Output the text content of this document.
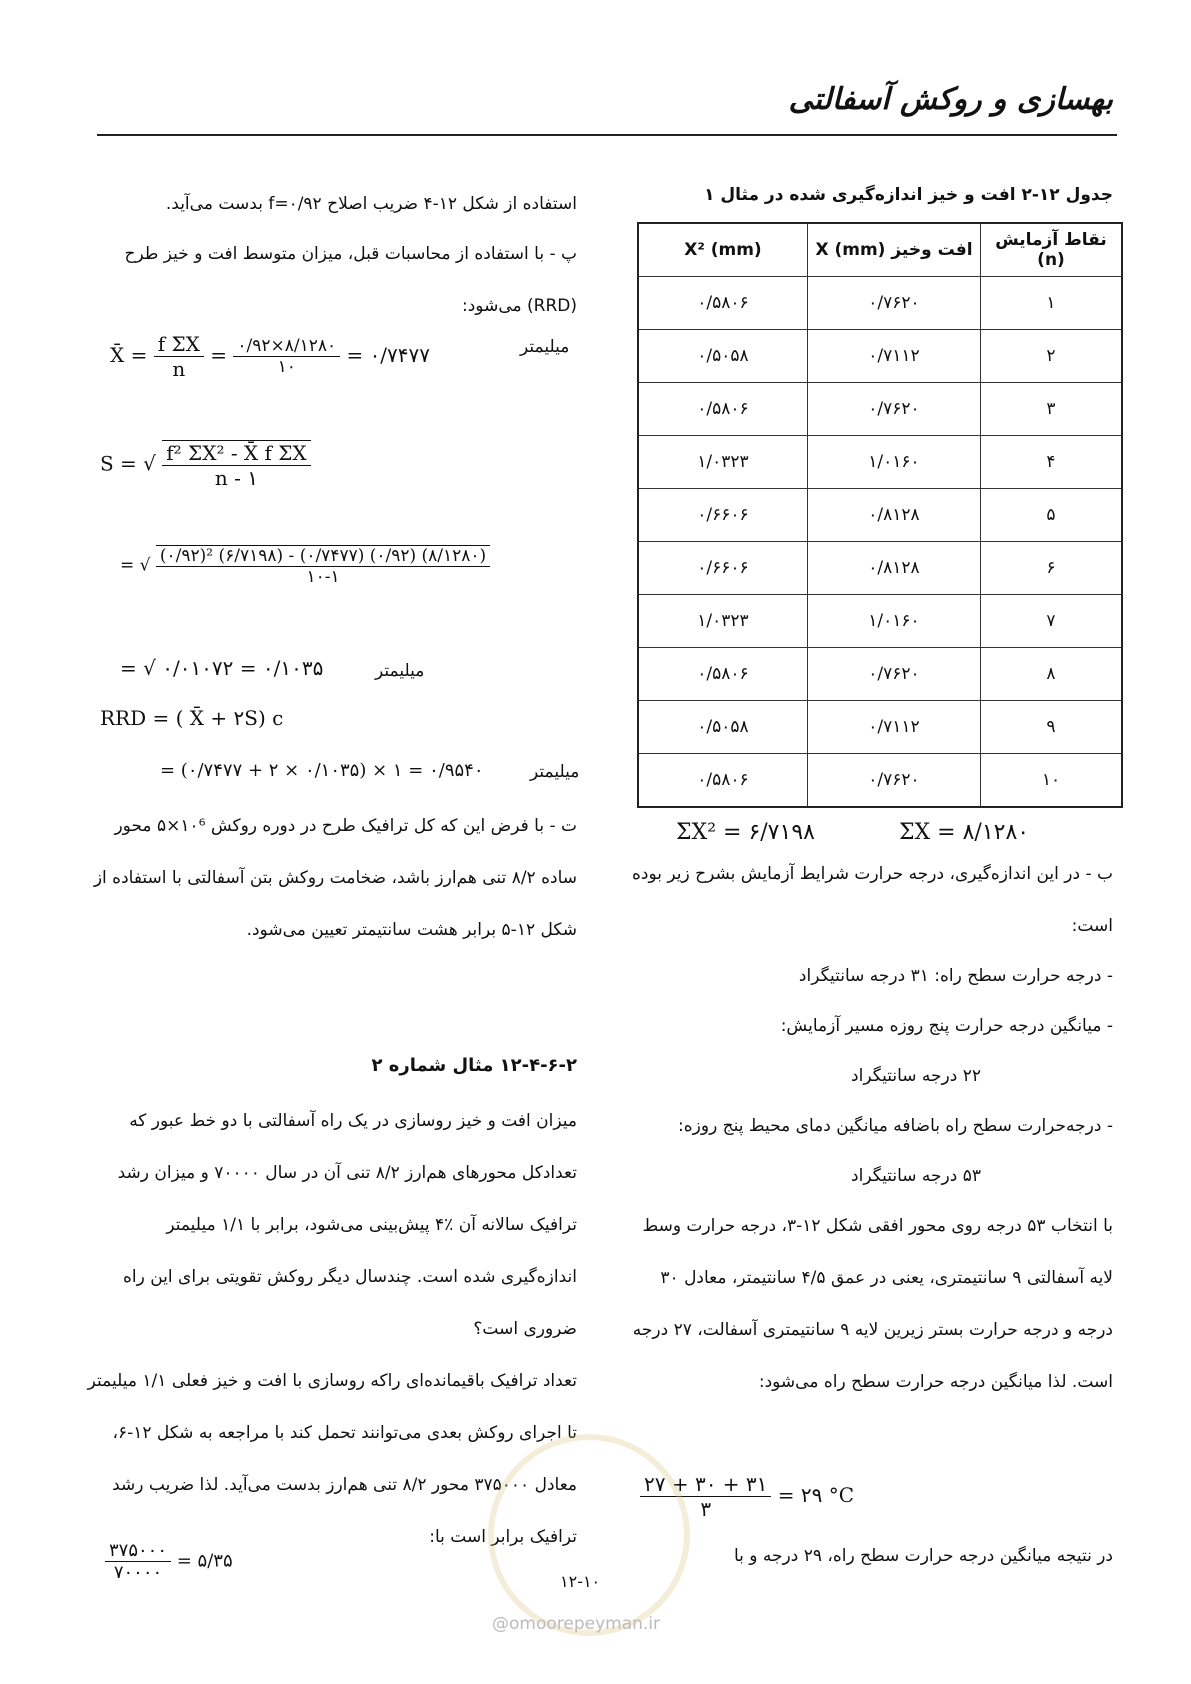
بهسازی و روکش آسفالتی
جدول ۱۲-۲ افت و خیز اندازه‌گیری شده در مثال ۱
نقاط آزمایش (n)	افت وخیز X (mm)	X² (mm)
۱	۰/۷۶۲۰	۰/۵۸۰۶
۲	۰/۷۱۱۲	۰/۵۰۵۸
۳	۰/۷۶۲۰	۰/۵۸۰۶
۴	۱/۰۱۶۰	۱/۰۳۲۳
۵	۰/۸۱۲۸	۰/۶۶۰۶
۶	۰/۸۱۲۸	۰/۶۶۰۶
۷	۱/۰۱۶۰	۱/۰۳۲۳
۸	۰/۷۶۲۰	۰/۵۸۰۶
۹	۰/۷۱۱۲	۰/۵۰۵۸
۱۰	۰/۷۶۲۰	۰/۵۸۰۶
ΣX² = ۶/۷۱۹۸	ΣX = ۸/۱۲۸۰
ب - در این اندازه‌گیری، درجه حرارت شرایط آزمایش بشرح زیر بوده است:
- درجه حرارت سطح راه: ۳۱ درجه سانتیگراد
- میانگین درجه حرارت پنج روزه مسیر آزمایش:
۲۲ درجه سانتیگراد
- درجه‌حرارت سطح راه باضافه میانگین دمای محیط پنج روزه:
۵۳ درجه سانتیگراد
با انتخاب ۵۳ درجه روی محور افقی شکل ۱۲-۳، درجه حرارت وسط لایه آسفالتی ۹ سانتیمتری، یعنی در عمق ۴/۵ سانتیمتر، معادل ۳۰ درجه و درجه حرارت بستر زیرین لایه ۹ سانتیمتری آسفالت، ۲۷ درجه است. لذا میانگین درجه حرارت سطح راه می‌شود:
$\frac{۲۷ + ۳۰ + ۳۱}{۳}$ = ۲۹ °C
در نتیجه میانگین درجه حرارت سطح راه، ۲۹ درجه و با
استفاده از شکل ۱۲-۴ ضریب اصلاح f=۰/۹۲ بدست می‌آید.
پ - با استفاده از محاسبات قبل، میزان متوسط افت و خیز طرح (RRD) می‌شود:
X̄ = $\frac{\text{f ΣX}}{n} = \frac{۰/۹۲\times ۸/۱۲۸۰}{۱۰}$ = ۰/۷۴۷۷	میلیمتر
S = √ $\frac{\text{f² ΣX² - X̄ f ΣX}}{n - ۱}$
= √ $\frac{\text{(۰/۹۲)² (۶/۷۱۹۸) - (۰/۷۴۷۷) (۰/۹۲) (۸/۱۲۸۰)}}{۱۰-۱}$
= √ ۰/۰۱۰۷۲ = ۰/۱۰۳۵	میلیمتر
RRD = ( X̄ + ۲S) c
= (۰/۷۴۷۷ + ۲ × ۰/۱۰۳۵) × ۱ = ۰/۹۵۴۰	میلیمتر
ت - با فرض این که کل ترافیک طرح در دوره روکش ۱۰⁶×۵ محور ساده ۸/۲ تنی هم‌ارز باشد، ضخامت روکش بتن آسفالتی با استفاده از شکل ۱۲-۵ برابر هشت سانتیمتر تعیین می‌شود.
۱۲-۴-۶-۲ مثال شماره ۲
میزان افت و خیز روسازی در یک راه آسفالتی با دو خط عبور که تعدادکل محورهای هم‌ارز ۸/۲ تنی آن در سال ۷۰۰۰۰ و میزان رشد ترافیک سالانه آن ٪۴ پیش‌بینی می‌شود، برابر با ۱/۱ میلیمتر اندازه‌گیری شده است. چندسال دیگر روکش تقویتی برای این راه ضروری است؟
تعداد ترافیک باقیمانده‌ای راکه روسازی با افت و خیز فعلی ۱/۱ میلیمتر تا اجرای روکش بعدی می‌توانند تحمل کند با مراجعه به شکل ۱۲-۶، معادل ۳۷۵۰۰۰ محور ۸/۲ تنی هم‌ارز بدست می‌آید. لذا ضریب رشد ترافیک برابر است با:
$\frac{۳۷۵۰۰۰}{۷۰۰۰۰}$ = ۵/۳۵
@omoorepeyman.ir
۱۲-۱۰
